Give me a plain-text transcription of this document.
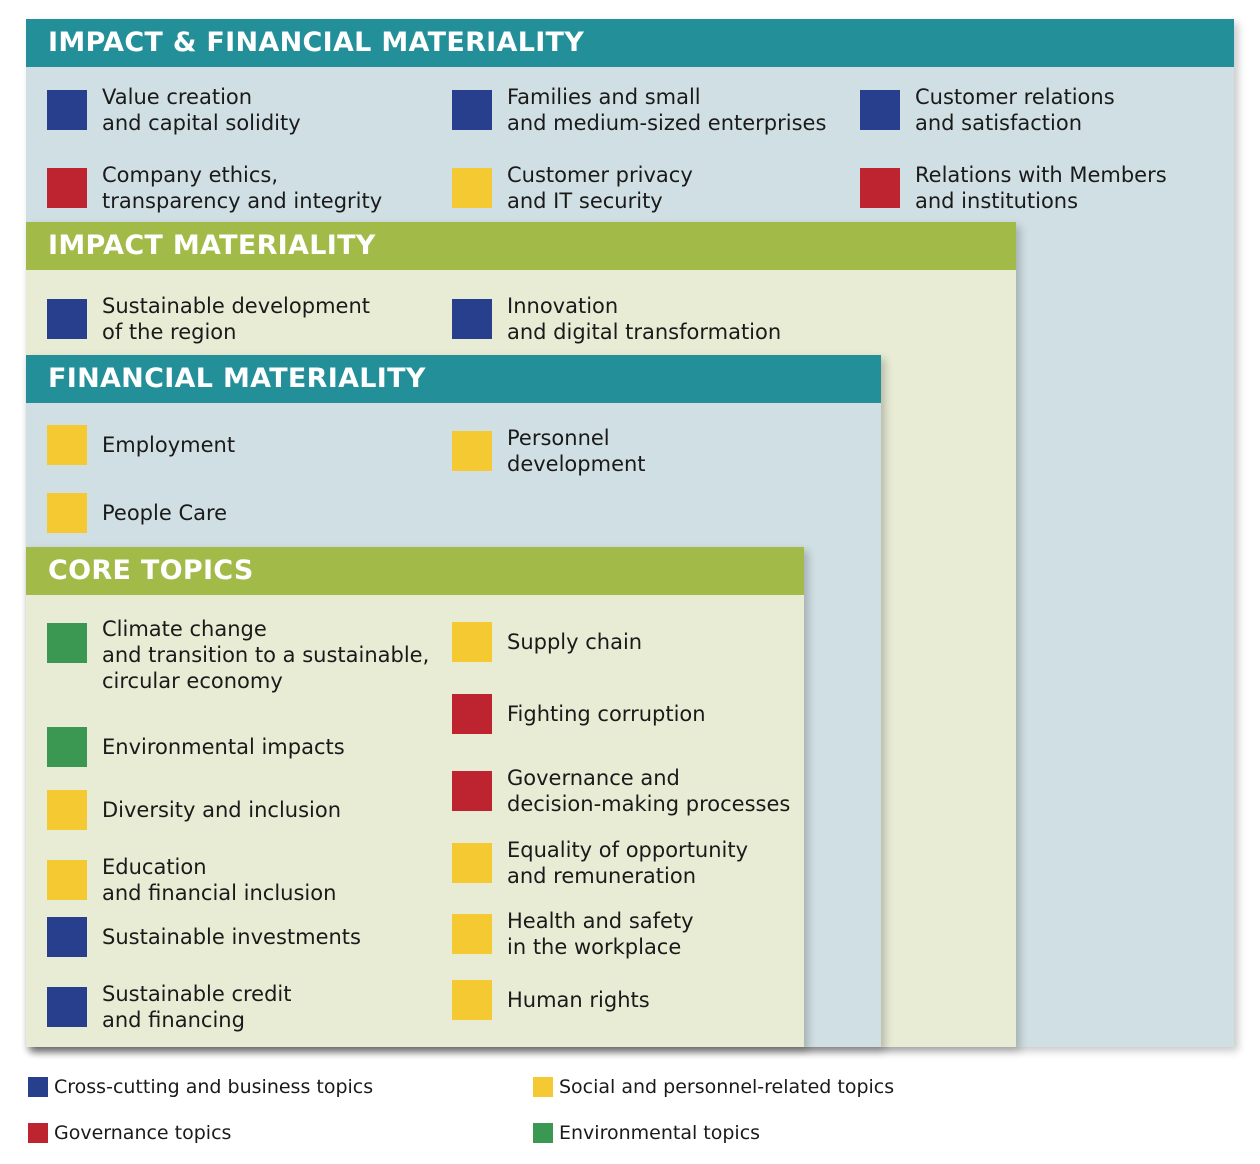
IMPACT & FINANCIAL MATERIALITY
IMPACT MATERIALITY
FINANCIAL MATERIALITY
CORE TOPICS
Value creation
and capital solidity
Families and small
and medium-sized enterprises
Customer relations
and satisfaction
Company ethics,
transparency and integrity
Customer privacy
and IT security
Relations with Members
and institutions
Sustainable development
of the region
Innovation
and digital transformation
Employment	Personnel
development
People Care
Climate change
and transition to a sustainable,
circular economy
Environmental impacts
Diversity and inclusion
Education
and financial inclusion
Sustainable investments
Sustainable credit
and financing
Supply chain
Fighting corruption
Governance and
decision-making processes
Equality of opportunity
and remuneration
Health and safety
in the workplace
Human rights
Cross-cutting and business topics	Social and personnel-related topics
Governance topics	Environmental topics
